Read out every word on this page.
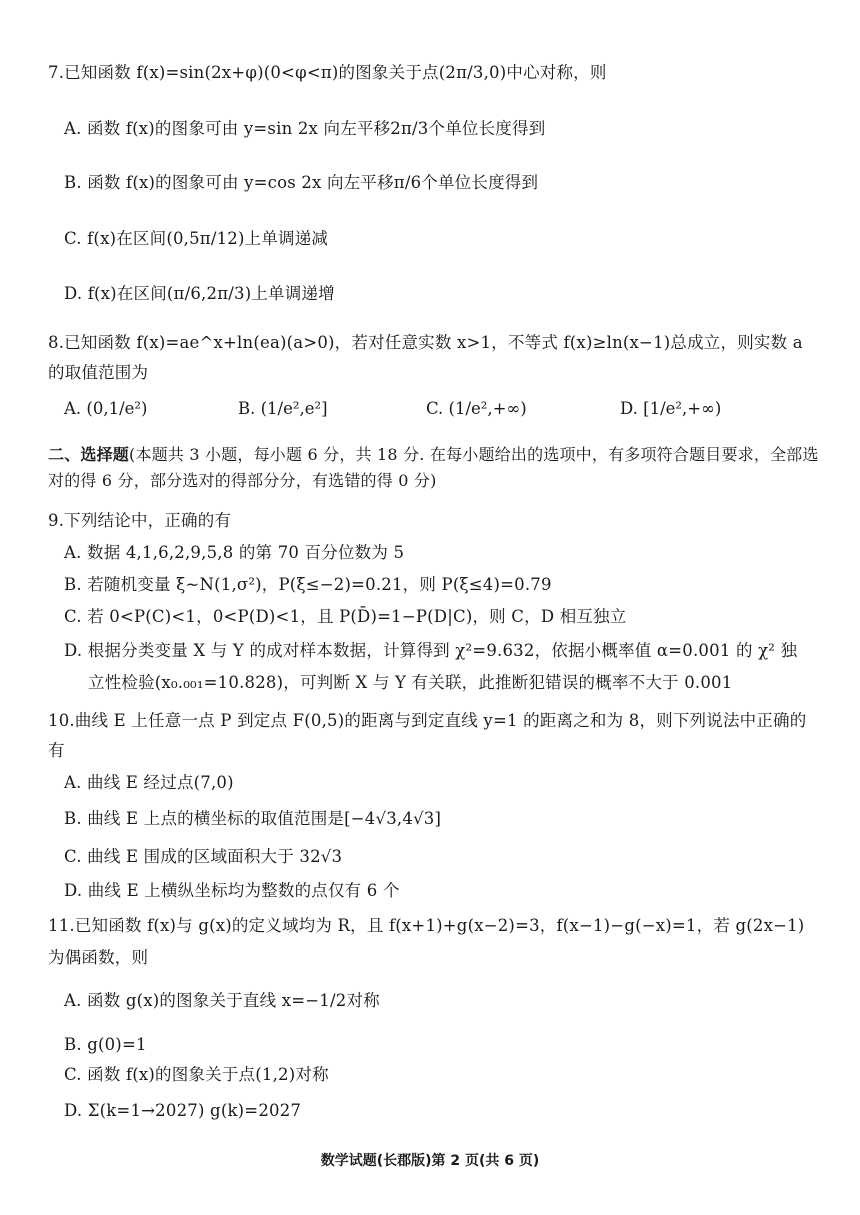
7.已知函数 f(x)=sin(2x+φ)(0<φ<π)的图象关于点(2π/3,0)中心对称，则
A. 函数 f(x)的图象可由 y=sin 2x 向左平移2π/3个单位长度得到
B. 函数 f(x)的图象可由 y=cos 2x 向左平移π/6个单位长度得到
C. f(x)在区间(0,5π/12)上单调递减
D. f(x)在区间(π/6,2π/3)上单调递增
8.已知函数 f(x)=ae^x+ln(ea)(a>0)，若对任意实数 x>1，不等式 f(x)≥ln(x−1)总成立，则实数 a 的取值范围为
A. (0,1/e²)	B. (1/e²,e²]	C. (1/e²,+∞)	D. [1/e²,+∞)
二、选择题(本题共 3 小题，每小题 6 分，共 18 分. 在每小题给出的选项中，有多项符合题目要求，全部选对的得 6 分，部分选对的得部分分，有选错的得 0 分)
9.下列结论中，正确的有
A. 数据 4,1,6,2,9,5,8 的第 70 百分位数为 5
B. 若随机变量 ξ~N(1,σ²)，P(ξ≤−2)=0.21，则 P(ξ≤4)=0.79
C. 若 0<P(C)<1，0<P(D)<1，且 P(D̄)=1−P(D|C)，则 C，D 相互独立
D. 根据分类变量 X 与 Y 的成对样本数据，计算得到 χ²=9.632，依据小概率值 α=0.001 的 χ² 独
立性检验(x₀.₀₀₁=10.828)，可判断 X 与 Y 有关联，此推断犯错误的概率不大于 0.001
10.曲线 E 上任意一点 P 到定点 F(0,5)的距离与到定直线 y=1 的距离之和为 8，则下列说法中正确的有
A. 曲线 E 经过点(7,0)
B. 曲线 E 上点的横坐标的取值范围是[−4√3,4√3]
C. 曲线 E 围成的区域面积大于 32√3
D. 曲线 E 上横纵坐标均为整数的点仅有 6 个
11.已知函数 f(x)与 g(x)的定义域均为 R，且 f(x+1)+g(x−2)=3，f(x−1)−g(−x)=1，若 g(2x−1)为偶函数，则
A. 函数 g(x)的图象关于直线 x=−1/2对称
B. g(0)=1
C. 函数 f(x)的图象关于点(1,2)对称
D. Σ(k=1→2027) g(k)=2027
数学试题(长郡版)第 2 页(共 6 页)
